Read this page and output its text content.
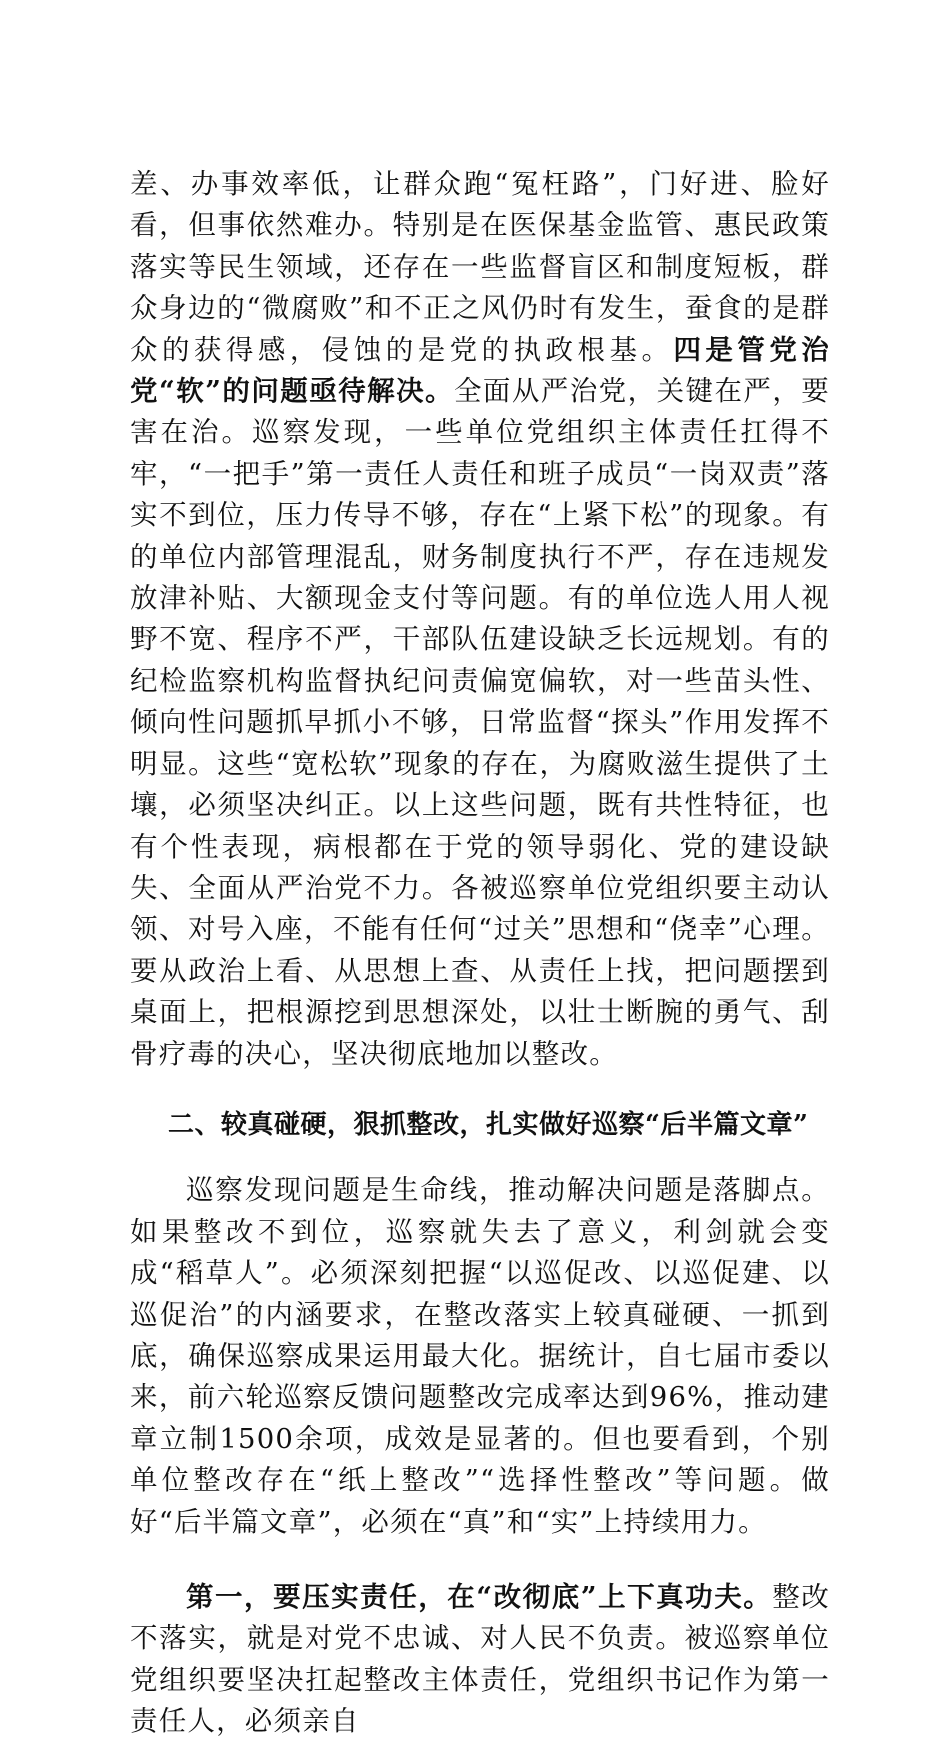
差、办事效率低，让群众跑“冤枉路”，门好进、脸好看，但事依然难办。特别是在医保基金监管、惠民政策落实等民生领域，还存在一些监督盲区和制度短板，群众身边的“微腐败”和不正之风仍时有发生，蚕食的是群众的获得感，侵蚀的是党的执政根基。四是管党治党“软”的问题亟待解决。全面从严治党，关键在严，要害在治。巡察发现，一些单位党组织主体责任扛得不牢，“一把手”第一责任人责任和班子成员“一岗双责”落实不到位，压力传导不够，存在“上紧下松”的现象。有的单位内部管理混乱，财务制度执行不严，存在违规发放津补贴、大额现金支付等问题。有的单位选人用人视野不宽、程序不严，干部队伍建设缺乏长远规划。有的纪检监察机构监督执纪问责偏宽偏软，对一些苗头性、倾向性问题抓早抓小不够，日常监督“探头”作用发挥不明显。这些“宽松软”现象的存在，为腐败滋生提供了土壤，必须坚决纠正。以上这些问题，既有共性特征，也有个性表现，病根都在于党的领导弱化、党的建设缺失、全面从严治党不力。各被巡察单位党组织要主动认领、对号入座，不能有任何“过关”思想和“侥幸”心理。要从政治上看、从思想上查、从责任上找，把问题摆到桌面上，把根源挖到思想深处，以壮士断腕的勇气、刮骨疗毒的决心，坚决彻底地加以整改。

二、较真碰硬，狠抓整改，扎实做好巡察“后半篇文章”

巡察发现问题是生命线，推动解决问题是落脚点。如果整改不到位，巡察就失去了意义，利剑就会变成“稻草人”。必须深刻把握“以巡促改、以巡促建、以巡促治”的内涵要求，在整改落实上较真碰硬、一抓到底，确保巡察成果运用最大化。据统计，自七届市委以来，前六轮巡察反馈问题整改完成率达到96%，推动建章立制1500余项，成效是显著的。但也要看到，个别单位整改存在“纸上整改”“选择性整改”等问题。做好“后半篇文章”，必须在“真”和“实”上持续用力。

第一，要压实责任，在“改彻底”上下真功夫。整改不落实，就是对党不忠诚、对人民不负责。被巡察单位党组织要坚决扛起整改主体责任，党组织书记作为第一责任人，必须亲自
